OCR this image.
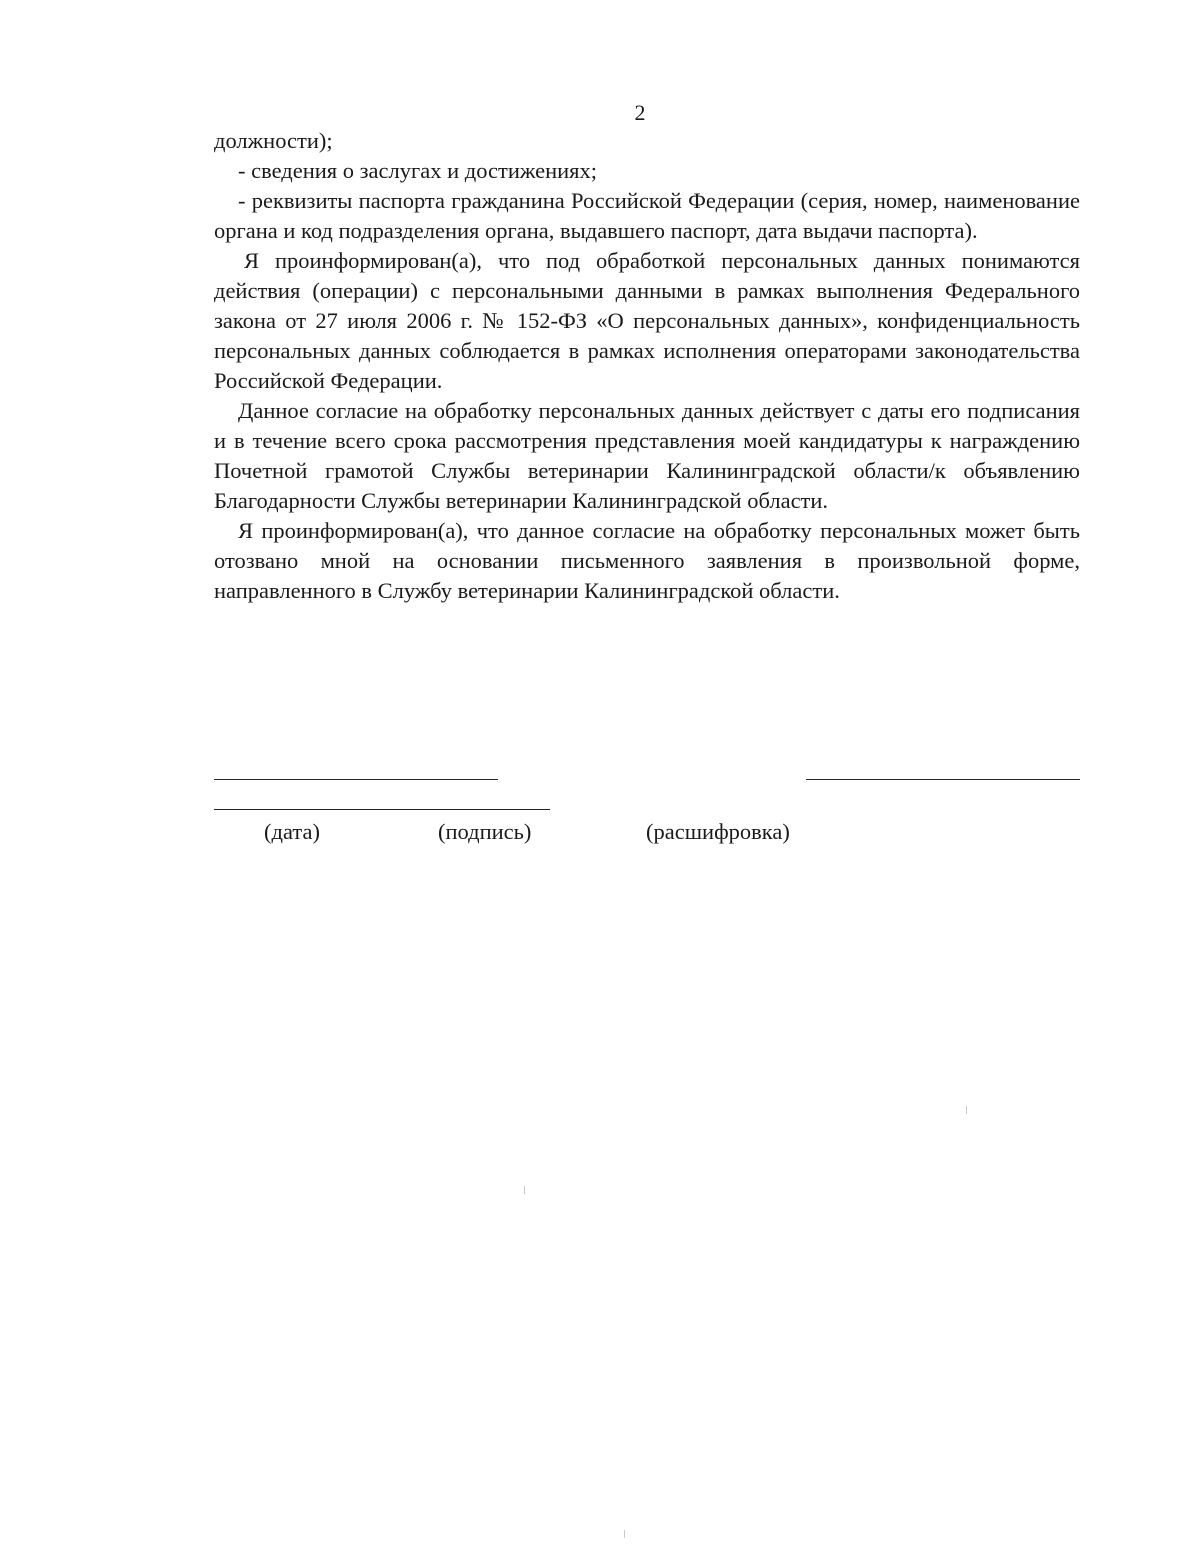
2

должности);

- сведения о заслугах и достижениях;

- реквизиты паспорта гражданина Российской Федерации (серия, номер, наименование органа и код подразделения органа, выдавшего паспорт, дата выдачи паспорта).

Я проинформирован(а), что под обработкой персональных данных понимаются действия (операции) с персональными данными в рамках выполнения Федерального закона от 27 июля 2006 г. № 152-ФЗ «О персональных данных», конфиденциальность персональных данных соблюдается в рамках исполнения операторами законодательства Российской Федерации.

Данное согласие на обработку персональных данных действует с даты его подписания и в течение всего срока рассмотрения представления моей кандидатуры к награждению Почетной грамотой Службы ветеринарии Калининградской области/к объявлению Благодарности Службы ветеринарии Калининградской области.

Я проинформирован(а), что данное согласие на обработку персональных может быть отозвано мной на основании письменного заявления в произвольной форме, направленного в Службу ветеринарии Калининградской области.

(дата)	(подпись)	(расшифровка)
